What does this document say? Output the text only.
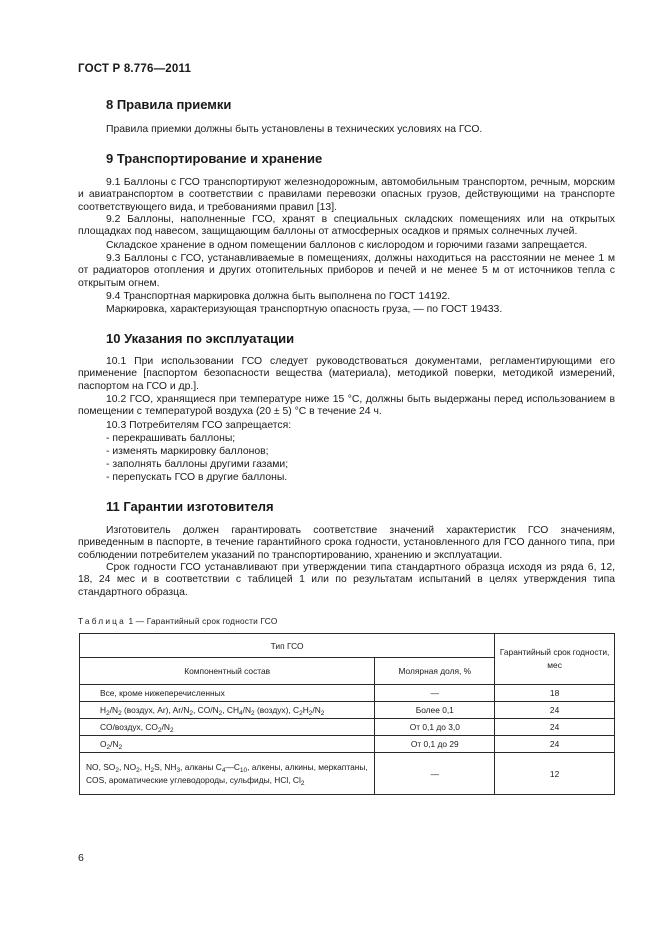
ГОСТ Р 8.776—2011
8 Правила приемки
Правила приемки должны быть установлены в технических условиях на ГСО.
9 Транспортирование и хранение
9.1 Баллоны с ГСО транспортируют железнодорожным, автомобильным транспортом, речным, морским и авиатранспортом в соответствии с правилами перевозки опасных грузов, действующими на транспорте соответствующего вида, и требованиями правил [13].
9.2 Баллоны, наполненные ГСО, хранят в специальных складских помещениях или на открытых площадках под навесом, защищающим баллоны от атмосферных осадков и прямых солнечных лучей.
Складское хранение в одном помещении баллонов с кислородом и горючими газами запрещается.
9.3 Баллоны с ГСО, устанавливаемые в помещениях, должны находиться на расстоянии не менее 1 м от радиаторов отопления и других отопительных приборов и печей и не менее 5 м от источников тепла с открытым огнем.
9.4 Транспортная маркировка должна быть выполнена по ГОСТ 14192.
Маркировка, характеризующая транспортную опасность груза, — по ГОСТ 19433.
10 Указания по эксплуатации
10.1 При использовании ГСО следует руководствоваться документами, регламентирующими его применение [паспортом безопасности вещества (материала), методикой поверки, методикой измерений, паспортом на ГСО и др.].
10.2 ГСО, хранящиеся при температуре ниже 15 °С, должны быть выдержаны перед использованием в помещении с температурой воздуха (20 ± 5) °С в течение 24 ч.
10.3 Потребителям ГСО запрещается:
- перекрашивать баллоны;
- изменять маркировку баллонов;
- заполнять баллоны другими газами;
- перепускать ГСО в другие баллоны.
11 Гарантии изготовителя
Изготовитель должен гарантировать соответствие значений характеристик ГСО значениям, приведенным в паспорте, в течение гарантийного срока годности, установленного для ГСО данного типа, при соблюдении потребителем указаний по транспортированию, хранению и эксплуатации.
Срок годности ГСО устанавливают при утверждении типа стандартного образца исходя из ряда 6, 12, 18, 24 мес и в соответствии с таблицей 1 или по результатам испытаний в целях утверждения типа стандартного образца.
Таблица 1 — Гарантийный срок годности ГСО
Тип ГСО		Гарантийный срок годности, мес
Компонентный состав	Молярная доля, %	
Все, кроме нижеперечисленных	—	18
$H_2/N_2$ (воздух, Ar), $Ar/N_2$, $CO/N_2$, $CH_4/N_2$ (воздух), $C_2H_2/N_2$	Более 0,1	24
CO/воздух, $CO_2/N_2$	От 0,1 до 3,0	24
$O_2/N_2$	От 0,1 до 29	24
NO, $SO_2$, $NO_2$, $H_2S$, $NH_3$, алканы $C_4—C_{10}$, алкены, алкины, меркаптаны, COS, ароматические углеводороды, сульфиды, HCl, $Cl_2$	—	12
6
